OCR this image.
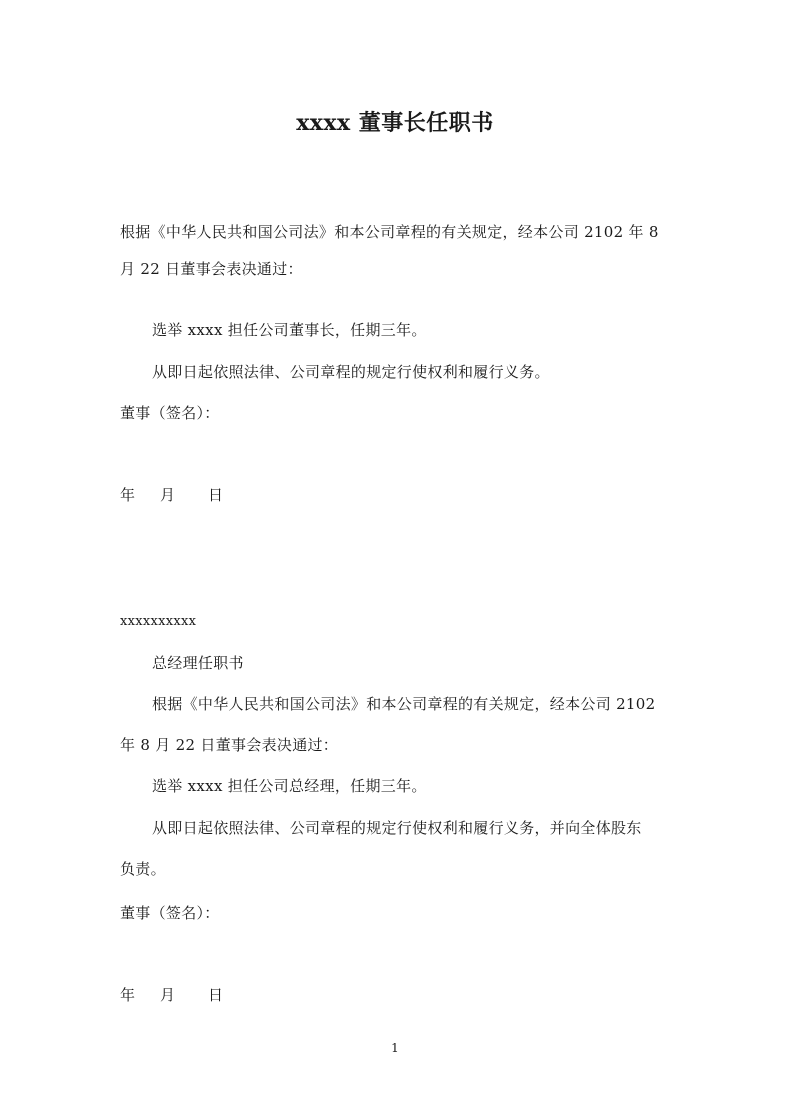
xxxx 董事长任职书
根据《中华人民共和国公司法》和本公司章程的有关规定，经本公司 2102 年 8
月 22 日董事会表决通过：
选举 xxxx 担任公司董事长，任期三年。
从即日起依照法律、公司章程的规定行使权利和履行义务。
董事（签名）：
年 月 日
xxxxxxxxxx
总经理任职书
根据《中华人民共和国公司法》和本公司章程的有关规定，经本公司 2102
年 8 月 22 日董事会表决通过：
选举 xxxx 担任公司总经理，任期三年。
从即日起依照法律、公司章程的规定行使权利和履行义务，并向全体股东
负责。
董事（签名）：
年 月 日
1
